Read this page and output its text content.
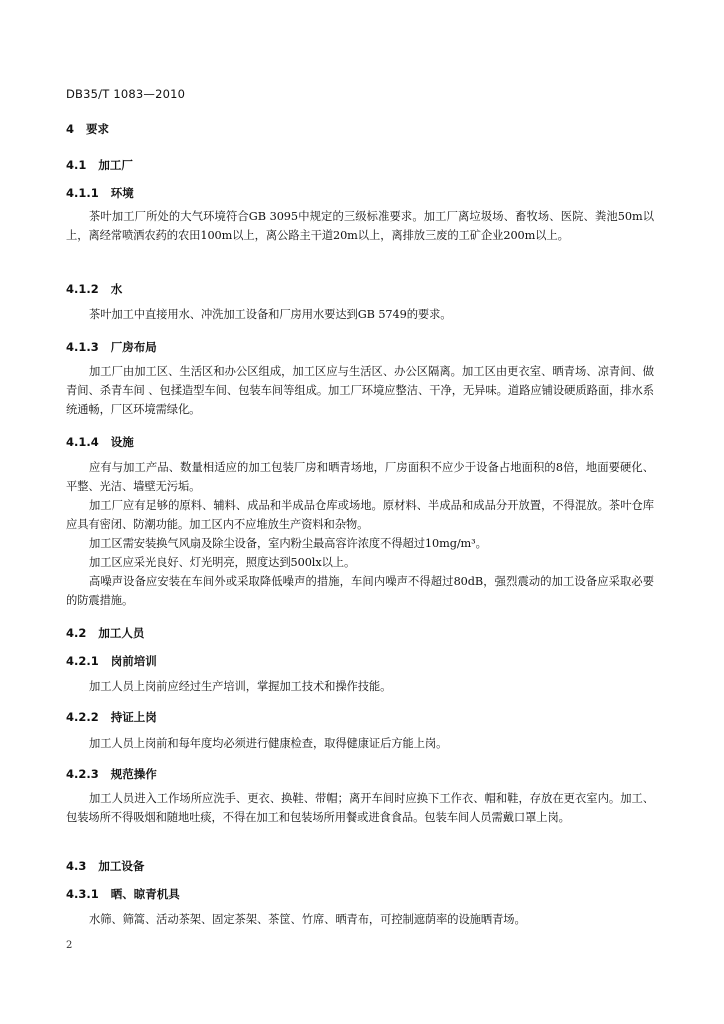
DB35/T 1083—2010
4 要求
4.1 加工厂
4.1.1 环境
茶叶加工厂所处的大气环境符合GB 3095中规定的三级标准要求。加工厂离垃圾场、畜牧场、医院、粪池50m以上，离经常喷洒农药的农田100m以上，离公路主干道20m以上，离排放三废的工矿企业200m以上。
4.1.2 水
茶叶加工中直接用水、冲洗加工设备和厂房用水要达到GB 5749的要求。
4.1.3 厂房布局
加工厂由加工区、生活区和办公区组成，加工区应与生活区、办公区隔离。加工区由更衣室、晒青场、凉青间、做青间、杀青车间 、包揉造型车间、包装车间等组成。加工厂环境应整洁、干净，无异味。道路应铺设硬质路面，排水系统通畅，厂区环境需绿化。
4.1.4 设施
应有与加工产品、数量相适应的加工包装厂房和晒青场地，厂房面积不应少于设备占地面积的8倍，地面要硬化、平整、光洁、墙壁无污垢。
加工厂应有足够的原料、辅料、成品和半成品仓库或场地。原材料、半成品和成品分开放置，不得混放。茶叶仓库应具有密闭、防潮功能。加工区内不应堆放生产资料和杂物。
加工区需安装换气风扇及除尘设备，室内粉尘最高容许浓度不得超过10mg/m³。
加工区应采光良好、灯光明亮，照度达到500lx以上。
高噪声设备应安装在车间外或采取降低噪声的措施，车间内噪声不得超过80dB，强烈震动的加工设备应采取必要的防震措施。
4.2 加工人员
4.2.1 岗前培训
加工人员上岗前应经过生产培训，掌握加工技术和操作技能。
4.2.2 持证上岗
加工人员上岗前和每年度均必须进行健康检查，取得健康证后方能上岗。
4.2.3 规范操作
加工人员进入工作场所应洗手、更衣、换鞋、带帽；离开车间时应换下工作衣、帽和鞋，存放在更衣室内。加工、包装场所不得吸烟和随地吐痰，不得在加工和包装场所用餐或进食食品。包装车间人员需戴口罩上岗。
4.3 加工设备
4.3.1 晒、晾青机具
水筛、筛篙、活动茶架、固定茶架、茶筐、竹席、晒青布，可控制遮荫率的设施晒青场。
2
